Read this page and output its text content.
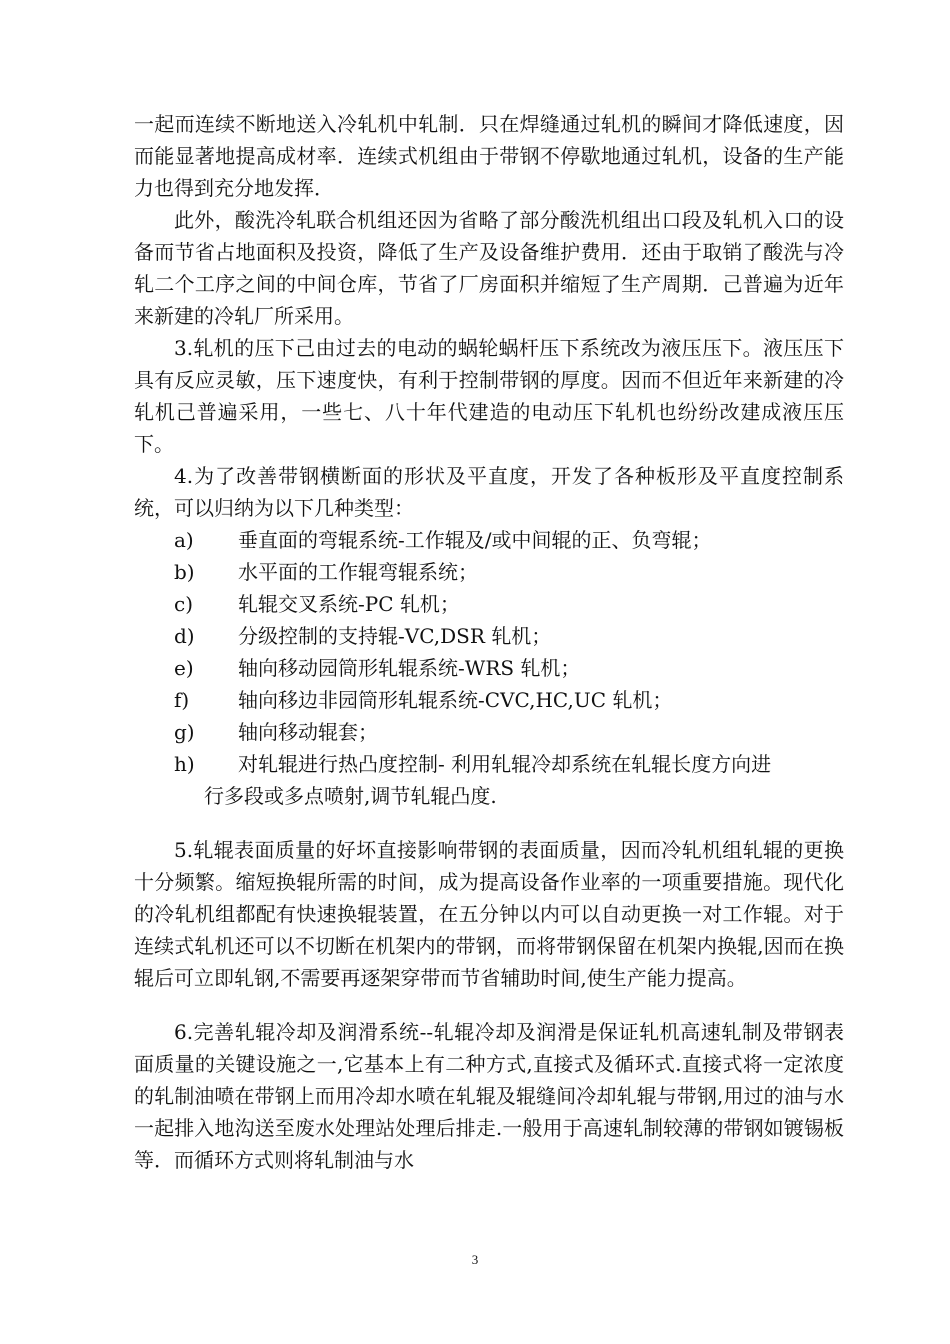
一起而连续不断地送入冷轧机中轧制．只在焊缝通过轧机的瞬间才降低速度，因而能显著地提高成材率．连续式机组由于带钢不停歇地通过轧机，设备的生产能力也得到充分地发挥．

此外，酸洗冷轧联合机组还因为省略了部分酸洗机组出口段及轧机入口的设备而节省占地面积及投资，降低了生产及设备维护费用．还由于取销了酸洗与冷轧二个工序之间的中间仓库，节省了厂房面积并缩短了生产周期．己普遍为近年来新建的冷轧厂所采用。

3.轧机的压下己由过去的电动的蜗轮蜗杆压下系统改为液压压下。液压压下具有反应灵敏，压下速度快，有利于控制带钢的厚度。因而不但近年来新建的冷轧机己普遍采用，一些七、八十年代建造的电动压下轧机也纷纷改建成液压压下。

4.为了改善带钢横断面的形状及平直度，开发了各种板形及平直度控制系统，可以归纳为以下几种类型：

a)	垂直面的弯辊系统-工作辊及/或中间辊的正、负弯辊；
b)	水平面的工作辊弯辊系统；
c)	轧辊交叉系统-PC 轧机；
d)	分级控制的支持辊-VC,DSR 轧机；
e)	轴向移动园筒形轧辊系统-WRS 轧机；
f)	轴向移边非园筒形轧辊系统-CVC,HC,UC 轧机；
g)	轴向移动辊套；
h) 对轧辊进行热凸度控制- 利用轧辊冷却系统在轧辊长度方向进
行多段或多点喷射,调节轧辊凸度.

5.轧辊表面质量的好坏直接影响带钢的表面质量，因而冷轧机组轧辊的更换十分频繁。缩短换辊所需的时间，成为提高设备作业率的一项重要措施。现代化的冷轧机组都配有快速换辊装置，在五分钟以内可以自动更换一对工作辊。对于连续式轧机还可以不切断在机架内的带钢，而将带钢保留在机架内换辊,因而在换辊后可立即轧钢,不需要再逐架穿带而节省辅助时间,使生产能力提高。

6.完善轧辊冷却及润滑系统--轧辊冷却及润滑是保证轧机高速轧制及带钢表面质量的关键设施之一,它基本上有二种方式,直接式及循环式.直接式将一定浓度的轧制油喷在带钢上而用冷却水喷在轧辊及辊缝间冷却轧辊与带钢,用过的油与水一起排入地沟送至废水处理站处理后排走.一般用于高速轧制较薄的带钢如镀锡板等．而循环方式则将轧制油与水

3
